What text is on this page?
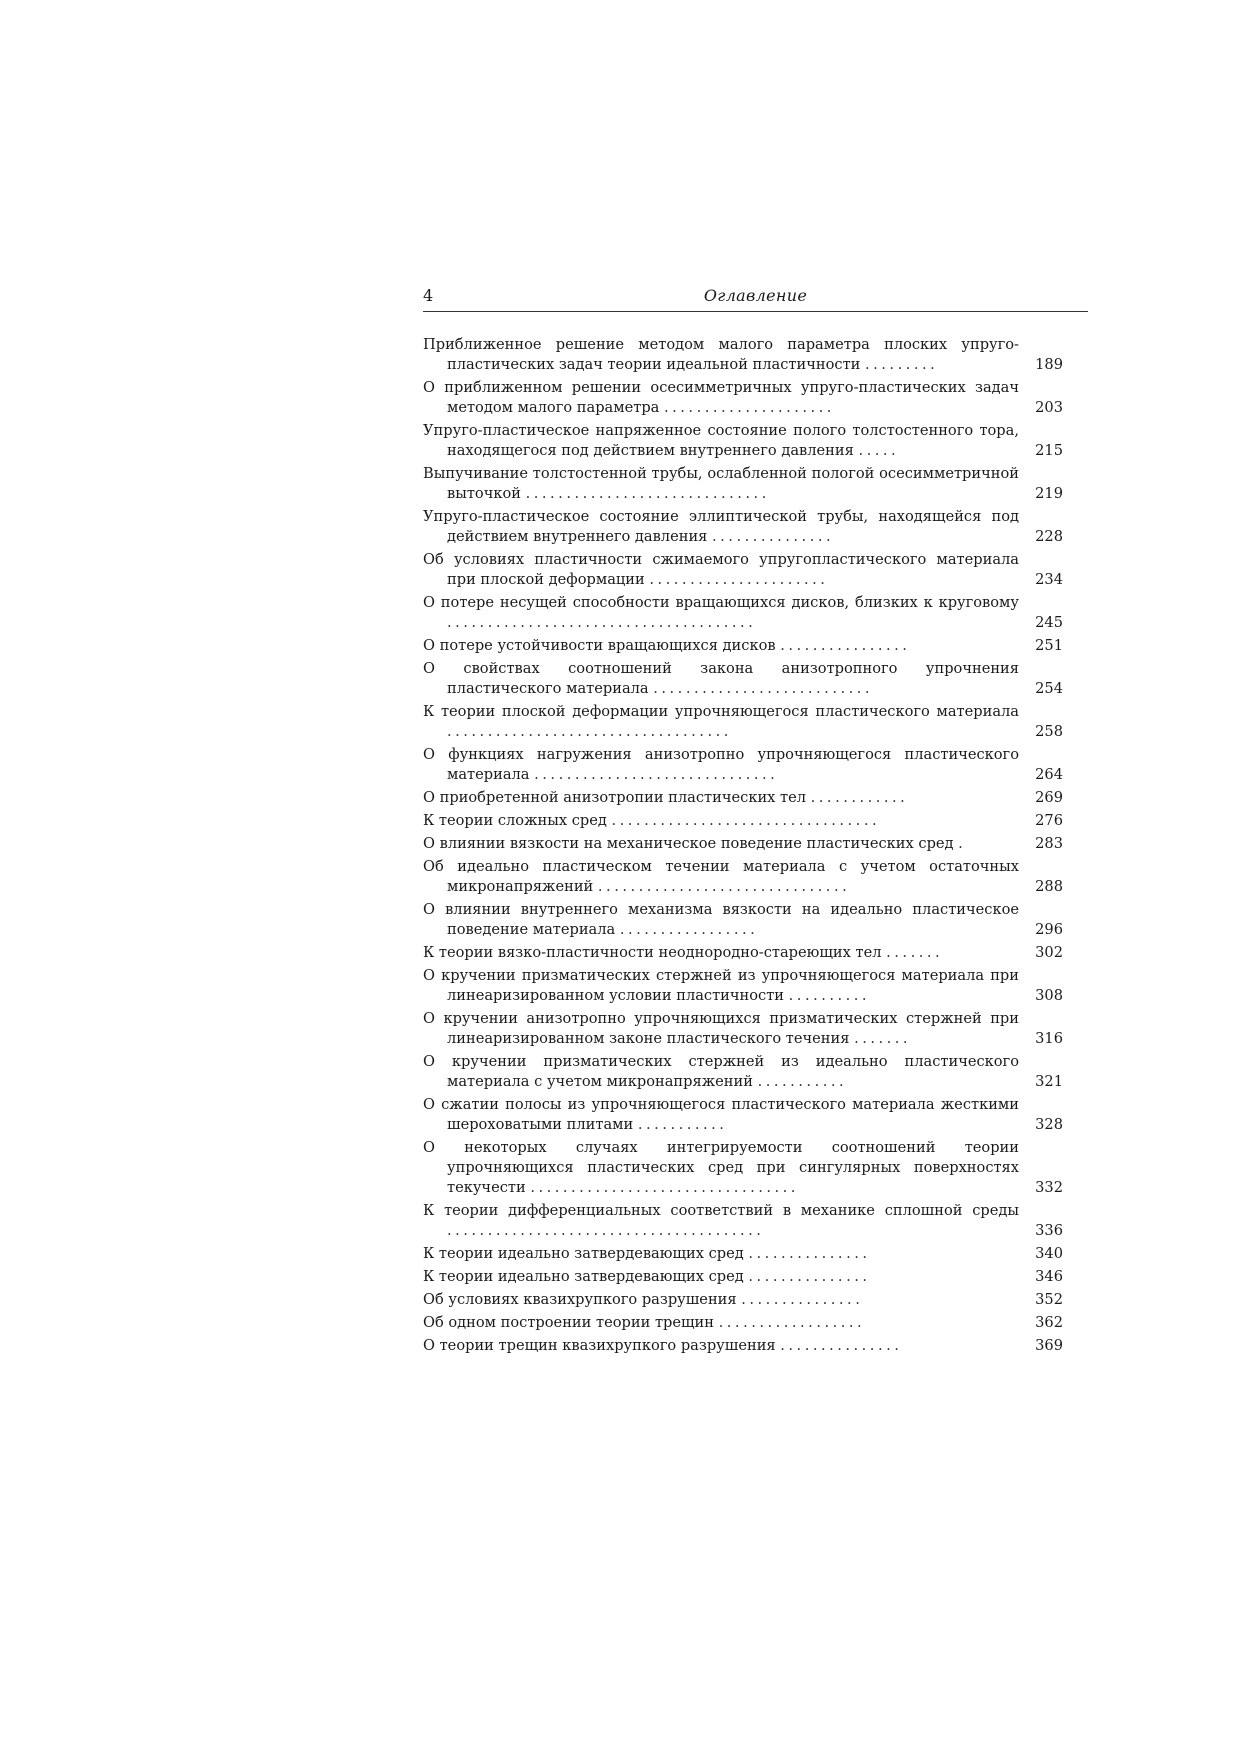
4	Оглавление
Приближенное решение методом малого параметра плоских упруго-пластических задач теории идеальной пластичности .........	189
О приближенном решении осесимметричных упруго-пластических задач методом малого параметра .....................	203
Упруго-пластическое напряженное состояние полого толстостенного тора, находящегося под действием внутреннего давления .....	215
Выпучивание толстостенной трубы, ослабленной пологой осесимметричной выточкой ..............................	219
Упруго-пластическое состояние эллиптической трубы, находящейся под действием внутреннего давления ...............	228
Об условиях пластичности сжимаемого упругопластического материала при плоской деформации ......................	234
О потере несущей способности вращающихся дисков, близких к круговому ......................................	245
О потере устойчивости вращающихся дисков ................	251
О свойствах соотношений закона анизотропного упрочнения пластического материала ...........................	254
К теории плоской деформации упрочняющегося пластического материала ...................................	258
О функциях нагружения анизотропно упрочняющегося пластического материала ..............................	264
О приобретенной анизотропии пластических тел ............	269
К теории сложных сред .................................	276
О влиянии вязкости на механическое поведение пластических сред .	283
Об идеально пластическом течении материала с учетом остаточных микронапряжений ...............................	288
О влиянии внутреннего механизма вязкости на идеально пластическое поведение материала .................	296
К теории вязко-пластичности неоднородно-стареющих тел .......	302
О кручении призматических стержней из упрочняющегося материала при линеаризированном условии пластичности ..........	308
О кручении анизотропно упрочняющихся призматических стержней при линеаризированном законе пластического течения .......	316
О кручении призматических стержней из идеально пластического материала с учетом микронапряжений ...........	321
О сжатии полосы из упрочняющегося пластического материала жесткими шероховатыми плитами ...........	328
О некоторых случаях интегрируемости соотношений теории упрочняющихся пластических сред при сингулярных поверхностях текучести .................................	332
К теории дифференциальных соответствий в механике сплошной среды .......................................	336
К теории идеально затвердевающих сред ...............	340
К теории идеально затвердевающих сред ...............	346
Об условиях квазихрупкого разрушения ...............	352
Об одном построении теории трещин ..................	362
О теории трещин квазихрупкого разрушения ...............	369
